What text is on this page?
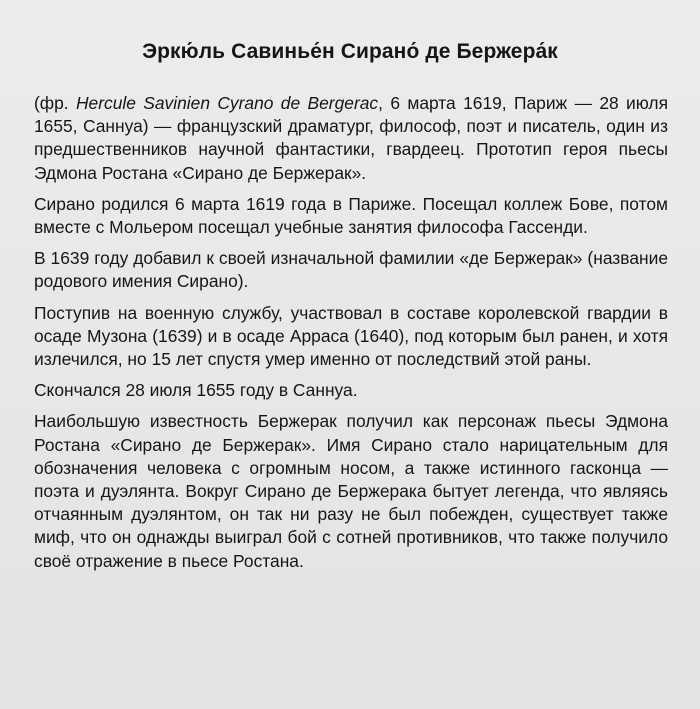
Эркю́ль Савинье́н Сирано́ де Бержера́к

(фр. Hercule Savinien Cyrano de Bergerac, 6 марта 1619, Париж — 28 июля 1655, Саннуа) — французский драматург, философ, поэт и писатель, один из предшественников научной фантастики, гвардеец. Прототип героя пьесы Эдмона Ростана «Сирано де Бержерак».

Сирано родился 6 марта 1619 года в Париже. Посещал коллеж Бове, потом вместе с Мольером посещал учебные занятия философа Гассенди.

В 1639 году добавил к своей изначальной фамилии «де Бержерак» (название родового имения Сирано).

Поступив на военную службу, участвовал в составе королевской гвардии в осаде Музона (1639) и в осаде Арраса (1640), под которым был ранен, и хотя излечился, но 15 лет спустя умер именно от последствий этой раны.

Скончался 28 июля 1655 году в Саннуа.

Наибольшую известность Бержерак получил как персонаж пьесы Эдмона Ростана «Сирано де Бержерак». Имя Сирано стало нарицательным для обозначения человека с огромным носом, а также истинного гасконца — поэта и дуэлянта. Вокруг Сирано де Бержерака бытует легенда, что являясь отчаянным дуэлянтом, он так ни разу не был побежден, существует также миф, что он однажды выиграл бой с сотней противников, что также получило своё отражение в пьесе Ростана.
